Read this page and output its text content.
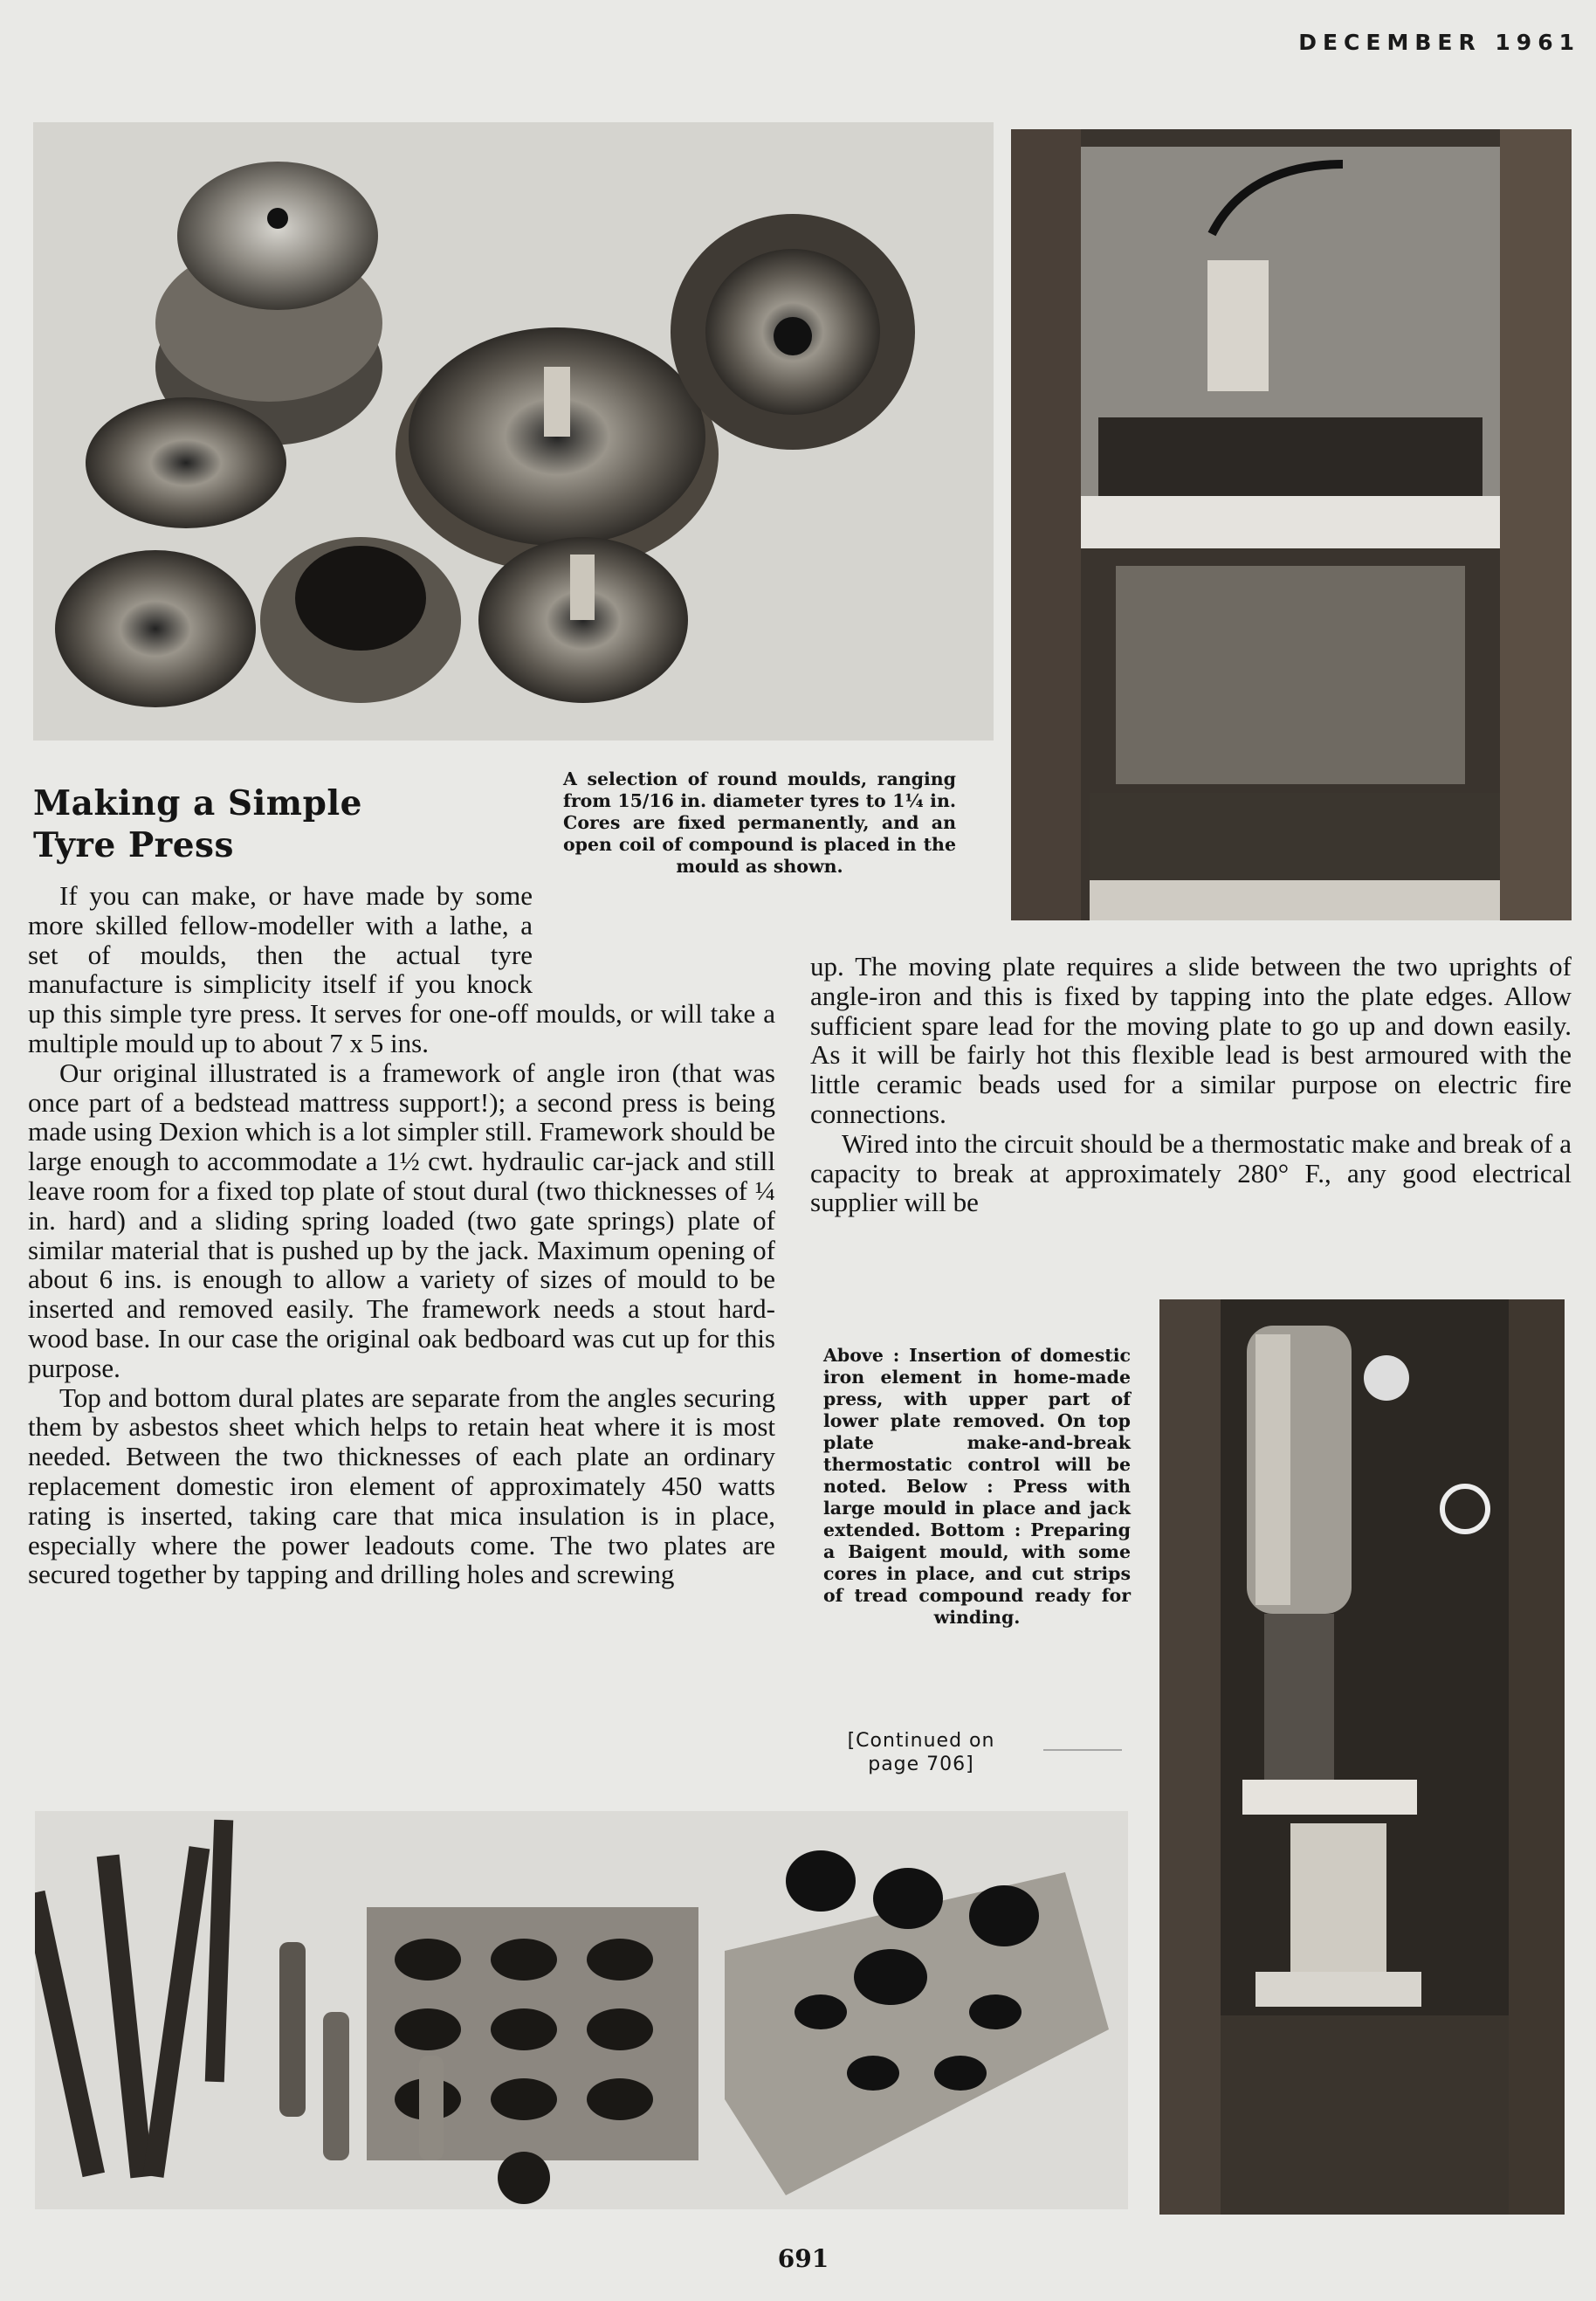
DECEMBER 1961
A selection of round moulds, ranging from 15/16 in. diameter tyres to 1¼ in. Cores are fixed permanently, and an open coil of compound is placed in the mould as shown.
Making a Simple
Tyre Press

If you can make, or have made by some more skilled fellow-modeller with a lathe, a set of moulds, then the actual tyre manufacture is simplicity itself if you knock up this simple tyre press. It serves for one-off moulds, or will take a multiple mould up to about 7 x 5 ins.

Our original illustrated is a framework of angle iron (that was once part of a bedstead mattress support!); a second press is being made using Dexion which is a lot simpler still. Framework should be large enough to accommodate a 1½ cwt. hydraulic car-jack and still leave room for a fixed top plate of stout dural (two thicknesses of ¼ in. hard) and a sliding spring loaded (two gate springs) plate of similar material that is pushed up by the jack. Maximum opening of about 6 ins. is enough to allow a variety of sizes of mould to be inserted and removed easily. The framework needs a stout hard-wood base. In our case the original oak bedboard was cut up for this purpose.

Top and bottom dural plates are separate from the angles securing them by asbestos sheet which helps to retain heat where it is most needed. Between the two thicknesses of each plate an ordinary replacement domestic iron element of approximately 450 watts rating is inserted, taking care that mica insulation is in place, especially where the power leadouts come. The two plates are secured together by tapping and drilling holes and screwing

up. The moving plate requires a slide between the two uprights of angle-iron and this is fixed by tapping into the plate edges. Allow sufficient spare lead for the moving plate to go up and down easily. As it will be fairly hot this flexible lead is best armoured with the little ceramic beads used for a similar purpose on electric fire connections.

Wired into the circuit should be a thermostatic make and break of a capacity to break at approximately 280° F., any good electrical supplier will be

Above : Insertion of domestic iron element in home-made press, with upper part of lower plate removed. On top plate make-and-break thermostatic control will be noted. Below : Press with large mould in place and jack extended. Bottom : Preparing a Baigent mould, with some cores in place, and cut strips of tread compound ready for winding.
[Continued on page 706]
691
